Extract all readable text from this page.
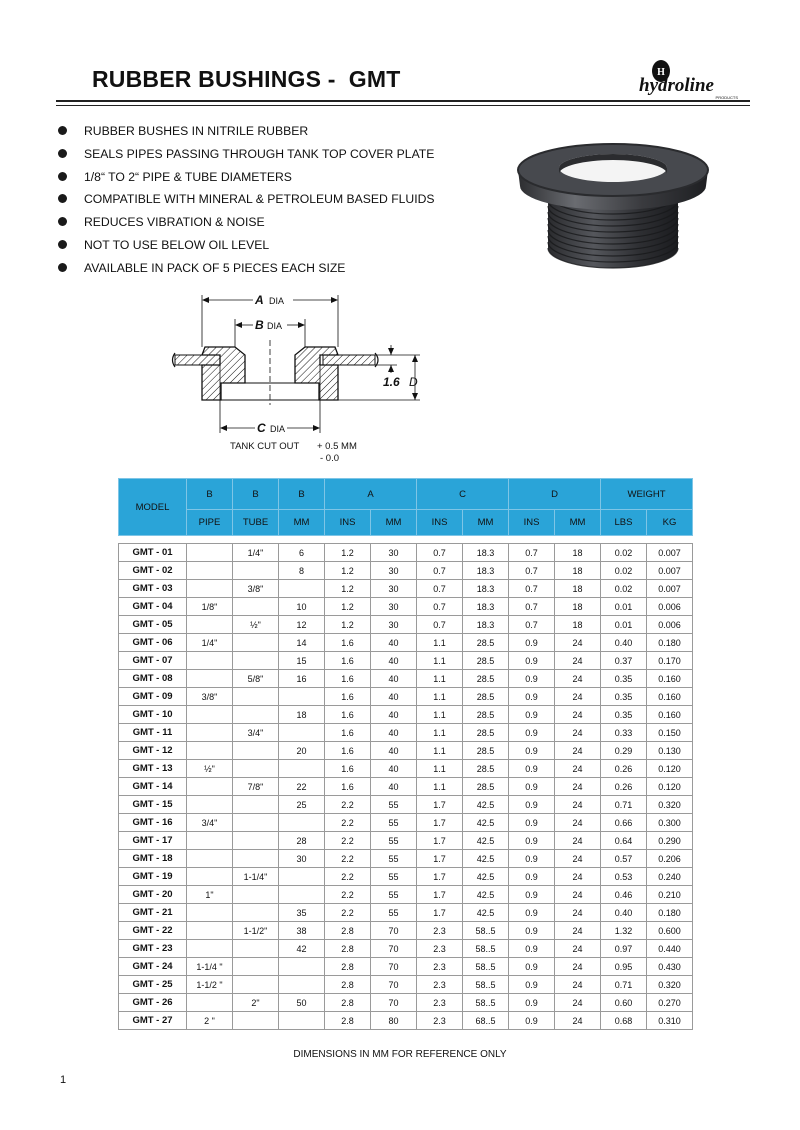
RUBBER BUSHINGS -  GMT	H
hydroline
PRODUCTS
RUBBER BUSHES IN NITRILE RUBBER
SEALS PIPES PASSING THROUGH TANK TOP COVER PLATE
1/8“ TO 2“ PIPE & TUBE DIAMETERS
COMPATIBLE WITH MINERAL & PETROLEUM BASED FLUIDS
REDUCES VIBRATION & NOISE
NOT TO USE BELOW OIL LEVEL
AVAILABLE IN PACK OF 5 PIECES EACH SIZE
A DIA
B DIA
C DIA
1.6 D
TANK CUT OUT + 0.5 MM
- 0.0
MODEL	B	B	B	A		C		D		WEIGHT	
	PIPE	TUBE	MM	INS	MM	INS	MM	INS	MM	LBS	KG

GMT - 01		1/4"	6	1.2	30	0.7	18.3	0.7	18	0.02	0.007
GMT - 02			8	1.2	30	0.7	18.3	0.7	18	0.02	0.007
GMT - 03		3/8"		1.2	30	0.7	18.3	0.7	18	0.02	0.007
GMT - 04	1/8"		10	1.2	30	0.7	18.3	0.7	18	0.01	0.006
GMT - 05		½"	12	1.2	30	0.7	18.3	0.7	18	0.01	0.006
GMT - 06	1/4"		14	1.6	40	1.1	28.5	0.9	24	0.40	0.180
GMT - 07			15	1.6	40	1.1	28.5	0.9	24	0.37	0.170
GMT - 08		5/8"	16	1.6	40	1.1	28.5	0.9	24	0.35	0.160
GMT - 09	3/8"			1.6	40	1.1	28.5	0.9	24	0.35	0.160
GMT - 10			18	1.6	40	1.1	28.5	0.9	24	0.35	0.160
GMT - 11		3/4"		1.6	40	1.1	28.5	0.9	24	0.33	0.150
GMT - 12			20	1.6	40	1.1	28.5	0.9	24	0.29	0.130
GMT - 13	½"			1.6	40	1.1	28.5	0.9	24	0.26	0.120
GMT - 14		7/8"	22	1.6	40	1.1	28.5	0.9	24	0.26	0.120
GMT - 15			25	2.2	55	1.7	42.5	0.9	24	0.71	0.320
GMT - 16	3/4"			2.2	55	1.7	42.5	0.9	24	0.66	0.300
GMT - 17			28	2.2	55	1.7	42.5	0.9	24	0.64	0.290
GMT - 18			30	2.2	55	1.7	42.5	0.9	24	0.57	0.206
GMT - 19		1-1/4"		2.2	55	1.7	42.5	0.9	24	0.53	0.240
GMT - 20	1"			2.2	55	1.7	42.5	0.9	24	0.46	0.210
GMT - 21			35	2.2	55	1.7	42.5	0.9	24	0.40	0.180
GMT - 22		1-1/2"	38	2.8	70	2.3	58..5	0.9	24	1.32	0.600
GMT - 23			42	2.8	70	2.3	58..5	0.9	24	0.97	0.440
GMT - 24	1-1/4 "			2.8	70	2.3	58..5	0.9	24	0.95	0.430
GMT - 25	1-1/2 "			2.8	70	2.3	58..5	0.9	24	0.71	0.320
GMT - 26		2"	50	2.8	70	2.3	58..5	0.9	24	0.60	0.270
GMT - 27	2 "			2.8	80	2.3	68..5	0.9	24	0.68	0.310
DIMENSIONS IN MM FOR REFERENCE ONLY
1
